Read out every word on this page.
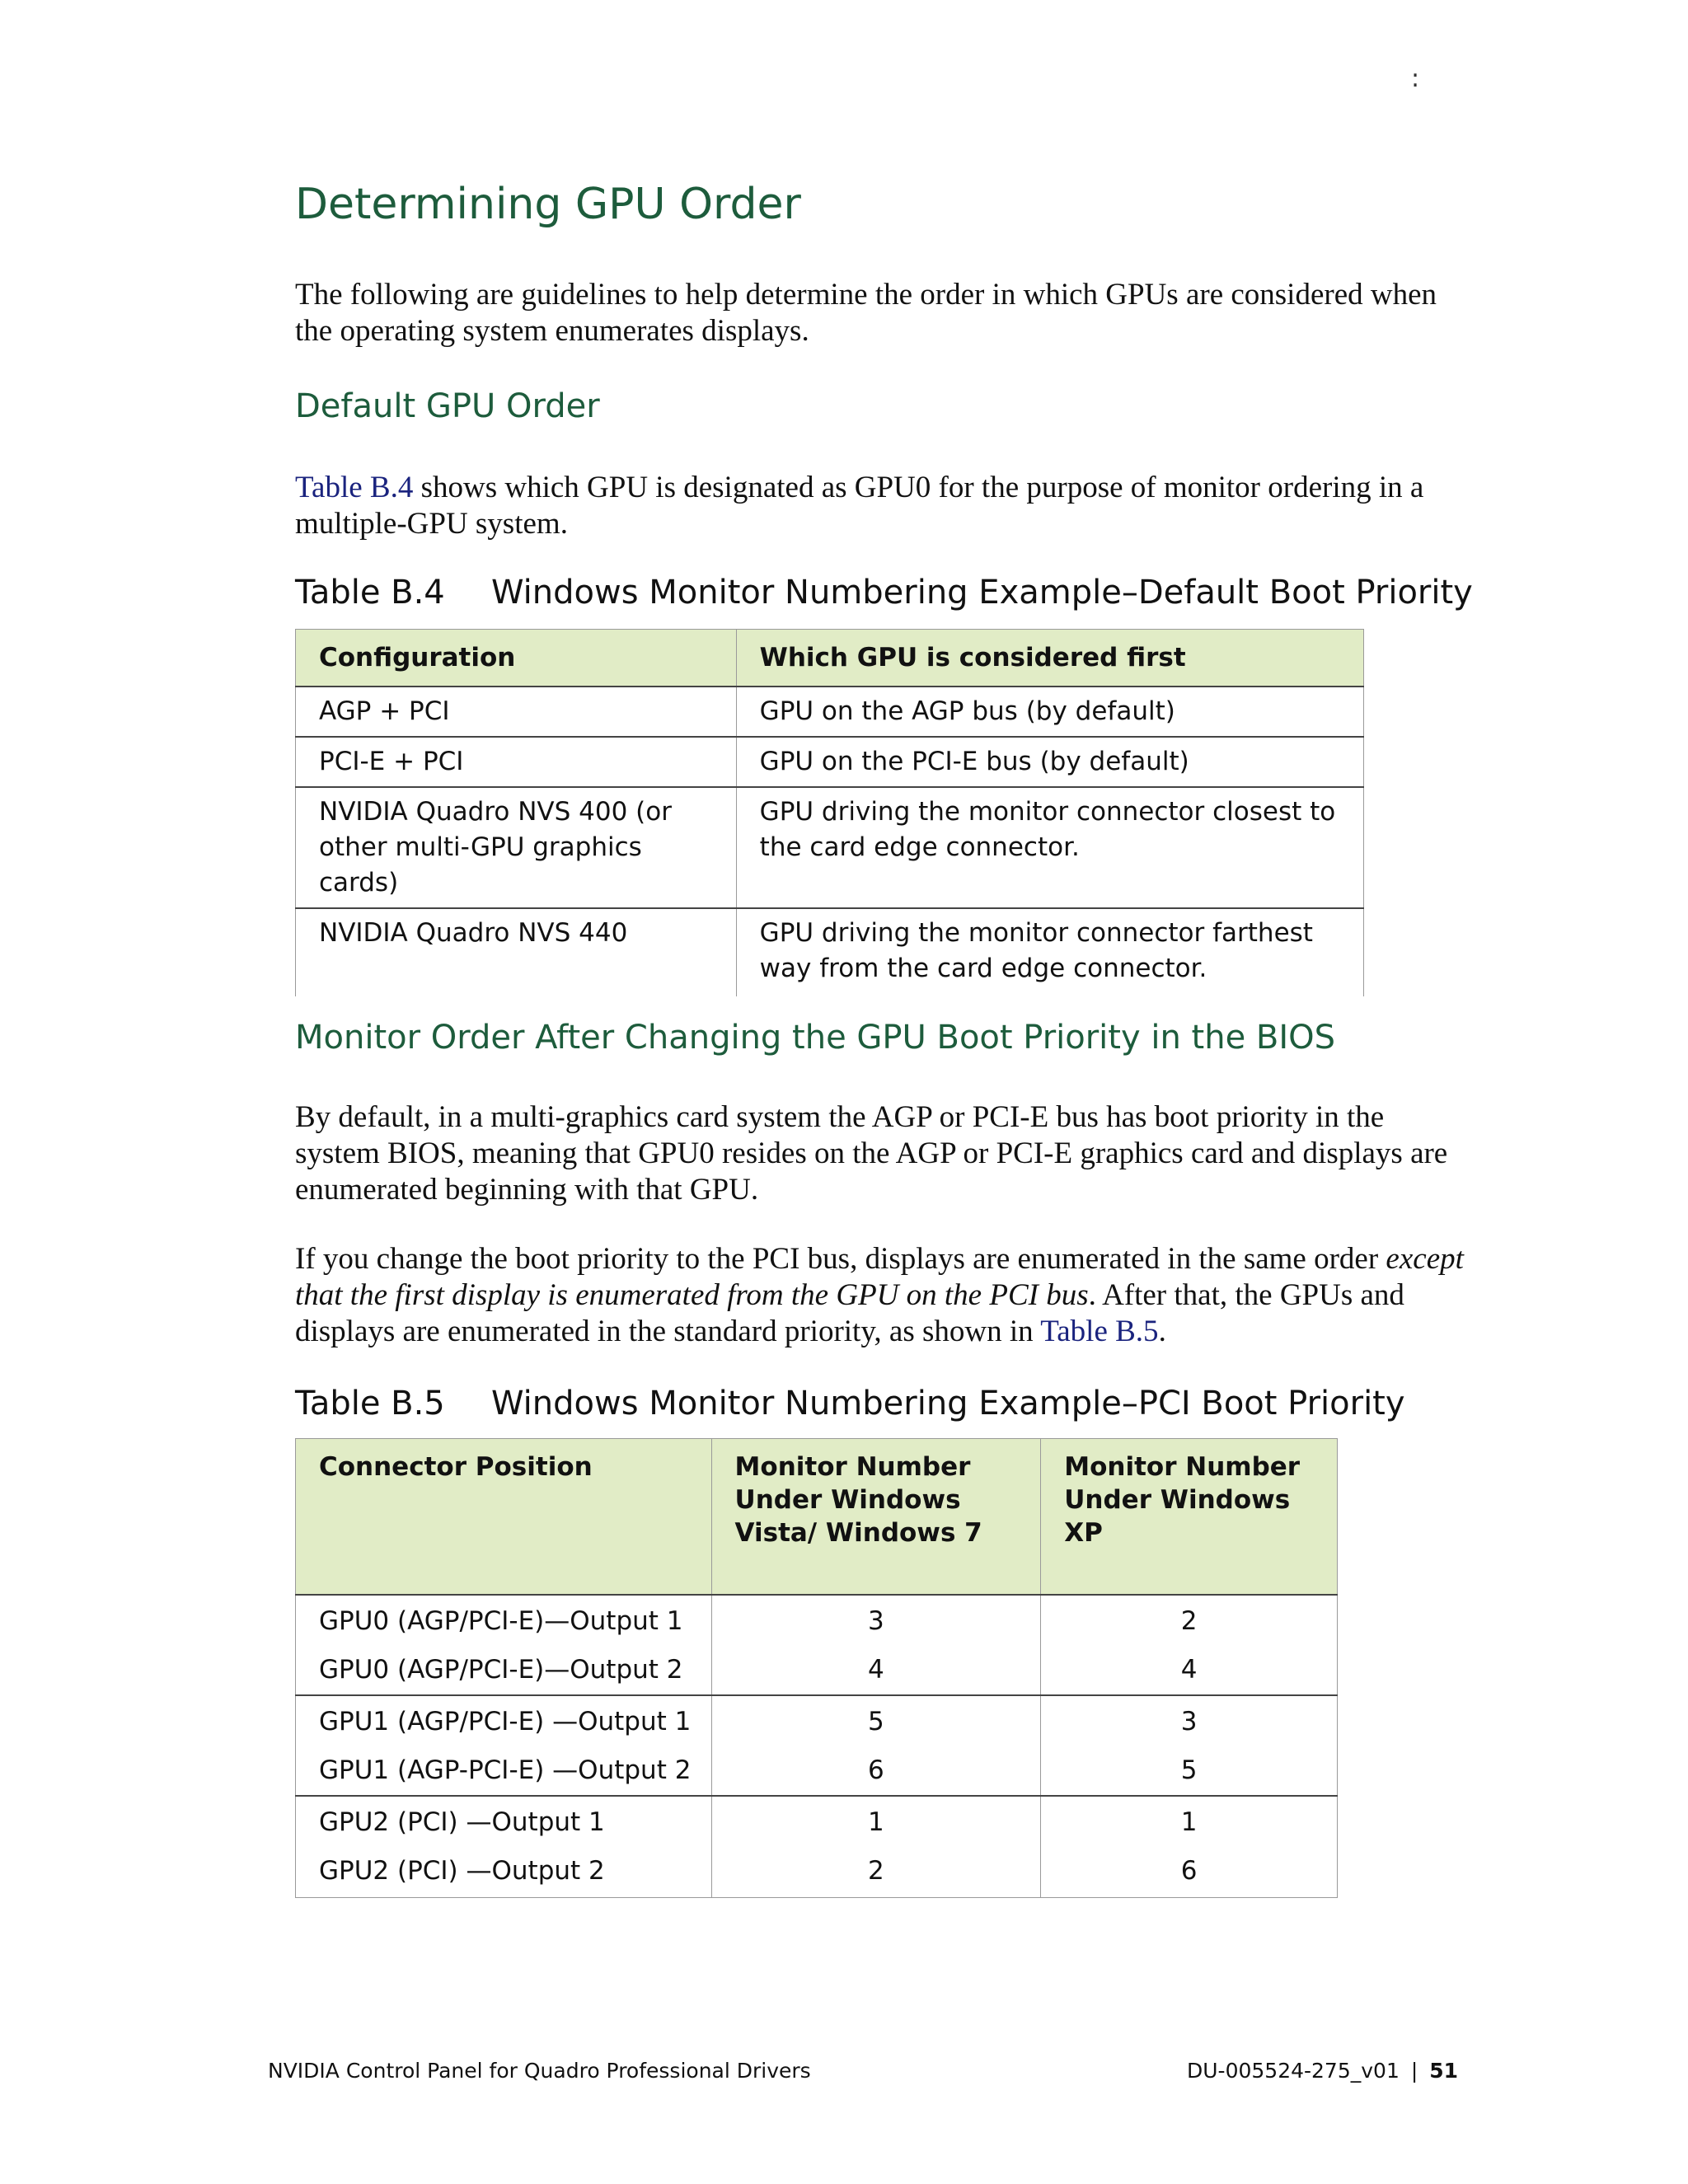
:
Determining GPU Order

The following are guidelines to help determine the order in which GPUs are considered when the operating system enumerates displays.

Default GPU Order

Table B.4 shows which GPU is designated as GPU0 for the purpose of monitor ordering in a multiple-GPU system.

Table B.4 Windows Monitor Numbering Example–Default Boot Priority
Configuration	Which GPU is considered first
AGP + PCI	GPU on the AGP bus (by default)
PCI-E + PCI	GPU on the PCI-E bus (by default)
NVIDIA Quadro NVS 400 (or other multi-GPU graphics cards)	GPU driving the monitor connector closest to the card edge connector.
NVIDIA Quadro NVS 440	GPU driving the monitor connector farthest way from the card edge connector.
Monitor Order After Changing the GPU Boot Priority in the BIOS

By default, in a multi-graphics card system the AGP or PCI-E bus has boot priority in the system BIOS, meaning that GPU0 resides on the AGP or PCI-E graphics card and displays are enumerated beginning with that GPU.

If you change the boot priority to the PCI bus, displays are enumerated in the same order except that the first display is enumerated from the GPU on the PCI bus. After that, the GPUs and displays are enumerated in the standard priority, as shown in Table B.5.

Table B.5 Windows Monitor Numbering Example–PCI Boot Priority
Connector Position	Monitor Number Under Windows Vista/ Windows 7	Monitor Number Under Windows XP
GPU0 (AGP/PCI-E)—Output 1	3	2
GPU0 (AGP/PCI-E)—Output 2	4	4
GPU1 (AGP/PCI-E) —Output 1	5	3
GPU1 (AGP-PCI-E) —Output 2	6	5
GPU2 (PCI) —Output 1	1	1
GPU2 (PCI) —Output 2	2	6
NVIDIA Control Panel for Quadro Professional Drivers	DU-005524-275_v01 | 51
